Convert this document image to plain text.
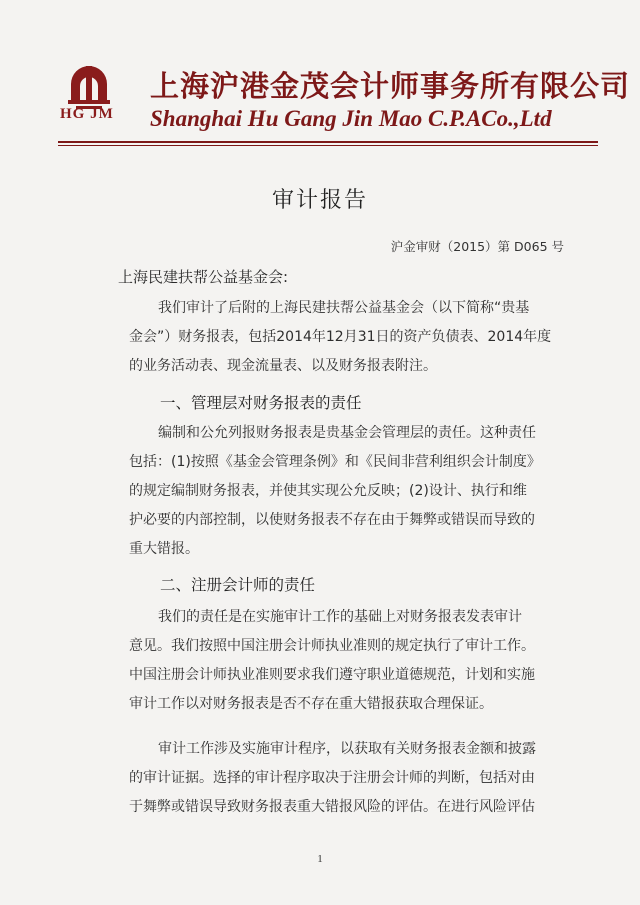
HG JM
上海沪港金茂会计师事务所有限公司
Shanghai Hu Gang Jin Mao C.P.ACo.,Ltd
审计报告
沪金审财（2015）第 D065 号
上海民建扶帮公益基金会:
我们审计了后附的上海民建扶帮公益基金会（以下简称“贵基
金会”）财务报表，包括2014年12月31日的资产负债表、2014年度
的业务活动表、现金流量表、以及财务报表附注。
一、管理层对财务报表的责任
编制和公允列报财务报表是贵基金会管理层的责任。这种责任
包括：(1)按照《基金会管理条例》和《民间非营利组织会计制度》
的规定编制财务报表，并使其实现公允反映；(2)设计、执行和维
护必要的内部控制，以使财务报表不存在由于舞弊或错误而导致的
重大错报。
二、注册会计师的责任
我们的责任是在实施审计工作的基础上对财务报表发表审计
意见。我们按照中国注册会计师执业准则的规定执行了审计工作。
中国注册会计师执业准则要求我们遵守职业道德规范，计划和实施
审计工作以对财务报表是否不存在重大错报获取合理保证。
审计工作涉及实施审计程序，以获取有关财务报表金额和披露
的审计证据。选择的审计程序取决于注册会计师的判断，包括对由
于舞弊或错误导致财务报表重大错报风险的评估。在进行风险评估
1
